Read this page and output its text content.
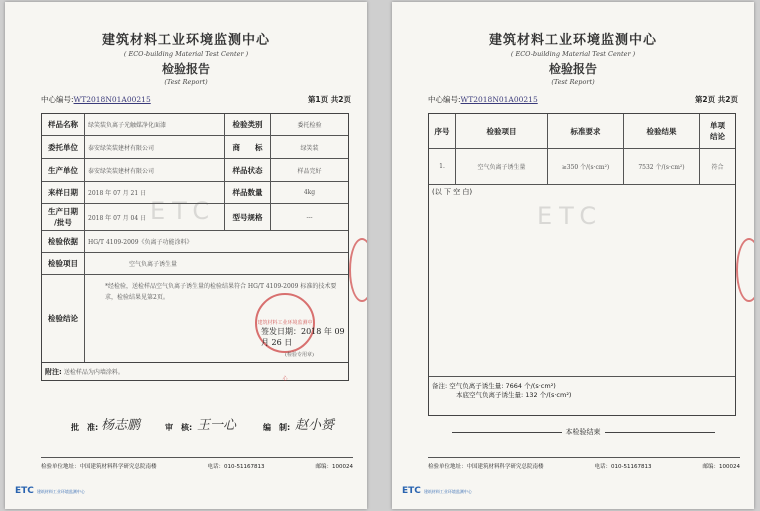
建筑材料工业环境监测中心
( ECO-building Material Test Center )
检验报告
(Test Report)
中心编号:WT2018N01A00215	第1页 共2页
ETC
样品名称	绿笑装负离子光触媒净化面漆	检验类别	委托检验
委托单位	泰安绿笑装建材有限公司	商　　标	绿笑装
生产单位	泰安绿笑装建材有限公司	样品状态	样品完好
来样日期	2018 年 07 月 21 日	样品数量	4kg
生产日期
/批号	2018 年 07 月 04 日	型号规格	---
检验依据	HG/T 4109-2009《负离子功能涂料》
检验项目	空气负离子诱生量
检验结论
*经检验，送检样品空气负离子诱生量的检验结果符合 HG/T 4109-2009 标准的技术要求，检验结果见第2页。
建筑材料工业环境监测中心
签发日期：2018 年 09 月 26 日
(检验专用章)
附注: 送检样品为内墙涂料。
批　准: 杨志鹏	审　核: 王一心	编　制: 赵小赟
检验单位地址：中国建筑材料科学研究总院南楼	电话：010-51167813	邮编：100024
ETC 建筑材料工业环境监测中心
建筑材料工业环境监测中心
( ECO-building Material Test Center )
检验报告
(Test Report)
中心编号:WT2018N01A00215	第2页 共2页
ETC
序号	检验项目	标准要求	检验结果
单项
结论
1.	空气负离子诱生量	≥350 个/(s·cm²)	7532 个/(s·cm²)	符合
(以 下 空 白)
备注: 空气负离子诱生量: 7664 个/(s·cm²)
本底空气负离子诱生量: 132 个/(s·cm²)
本检验结束
检验单位地址：中国建筑材料科学研究总院南楼	电话：010-51167813	邮编：100024
ETC 建筑材料工业环境监测中心
